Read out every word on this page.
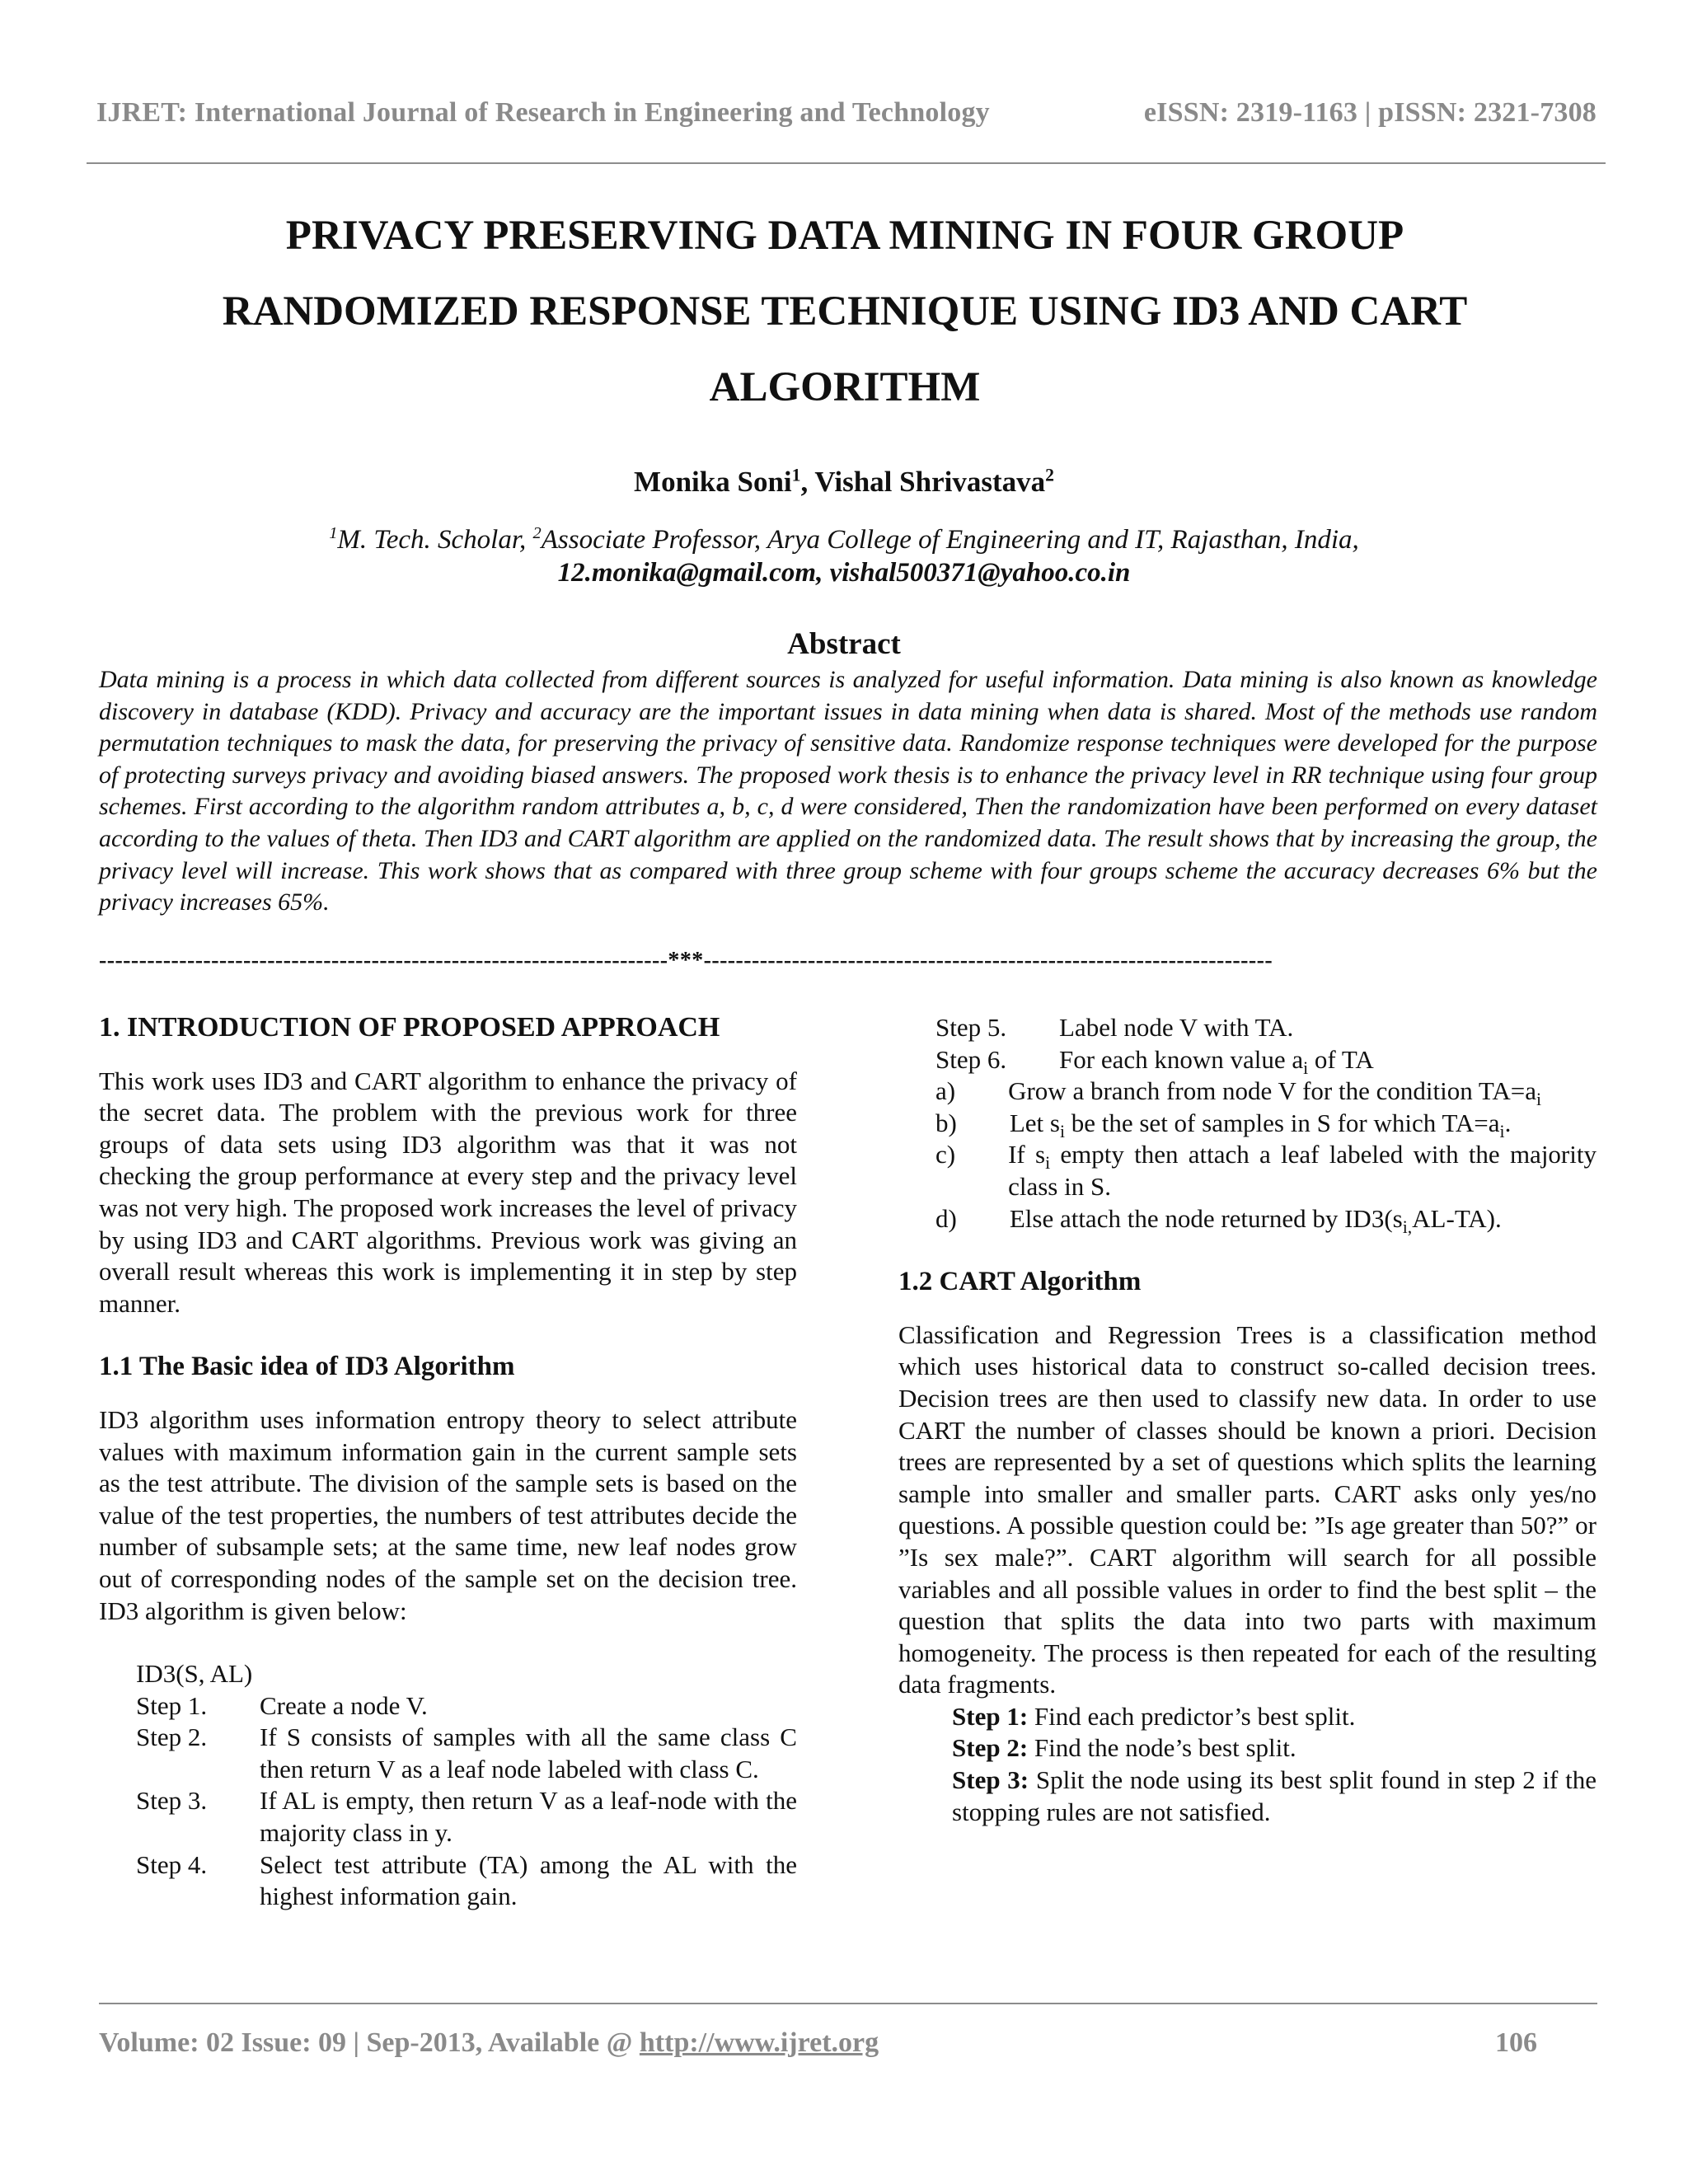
IJRET: International Journal of Research in Engineering and Technology	eISSN: 2319-1163 | pISSN: 2321-7308
PRIVACY PRESERVING DATA MINING IN FOUR GROUP
RANDOMIZED RESPONSE TECHNIQUE USING ID3 AND CART
ALGORITHM
Monika Soni$^1$, Vishal Shrivastava$^2$
$^1$M. Tech. Scholar, $^2$Associate Professor, Arya College of Engineering and IT, Rajasthan, India,
12.monika@gmail.com, vishal500371@yahoo.co.in
Abstract
Data mining is a process in which data collected from different sources is analyzed for useful information. Data mining is also known as knowledge discovery in database (KDD). Privacy and accuracy are the important issues in data mining when data is shared. Most of the methods use random permutation techniques to mask the data, for preserving the privacy of sensitive data. Randomize response techniques were developed for the purpose of protecting surveys privacy and avoiding biased answers. The proposed work thesis is to enhance the privacy level in RR technique using four group schemes. First according to the algorithm random attributes a, b, c, d were considered, Then the randomization have been performed on every dataset according to the values of theta. Then ID3 and CART algorithm are applied on the randomized data. The result shows that by increasing the group, the privacy level will increase. This work shows that as compared with three group scheme with four groups scheme the accuracy decreases 6% but the privacy increases 65%.
-----------------------------------------------------------------------***-----------------------------------------------------------------------
1. INTRODUCTION OF PROPOSED APPROACH

This work uses ID3 and CART algorithm to enhance the privacy of the secret data. The problem with the previous work for three groups of data sets using ID3 algorithm was that it was not checking the group performance at every step and the privacy level was not very high. The proposed work increases the level of privacy by using ID3 and CART algorithms. Previous work was giving an overall result whereas this work is implementing it in step by step manner.

1.1 The Basic idea of ID3 Algorithm

ID3 algorithm uses information entropy theory to select attribute values with maximum information gain in the current sample sets as the test attribute. The division of the sample sets is based on the value of the test properties, the numbers of test attributes decide the number of subsample sets; at the same time, new leaf nodes grow out of corresponding nodes of the sample set on the decision tree. ID3 algorithm is given below:

ID3(S, AL)
Step 1.	Create a node V.
Step 2.	If S consists of samples with all the same class C then return V as a leaf node labeled with class C.
Step 3.	If AL is empty, then return V as a leaf-node with the majority class in y.
Step 4.	Select test attribute (TA) among the AL with the highest information gain.
Step 5.	Label node V with TA.
Step 6.	For each known value $a_i$ of TA
a)	Grow a branch from node V for the condition $TA=a_i$
b)	Let $s_i$ be the set of samples in S for which $TA=a_i$.
c)	If $s_i$ empty then attach a leaf labeled with the majority class in S.
d)	Else attach the node returned by $ID3(s_{i,}AL-TA)$.
1.2 CART Algorithm

Classification and Regression Trees is a classification method which uses historical data to construct so-called decision trees. Decision trees are then used to classify new data. In order to use CART the number of classes should be known a priori. Decision trees are represented by a set of questions which splits the learning sample into smaller and smaller parts. CART asks only yes/no questions. A possible question could be: ”Is age greater than 50?” or ”Is sex male?”. CART algorithm will search for all possible variables and all possible values in order to find the best split – the question that splits the data into two parts with maximum homogeneity. The process is then repeated for each of the resulting data fragments.

Step 1: Find each predictor’s best split.
Step 2: Find the node’s best split.
Step 3: Split the node using its best split found in step 2 if the stopping rules are not satisfied.
Volume: 02 Issue: 09 | Sep-2013, Available @ http://www.ijret.org	106
